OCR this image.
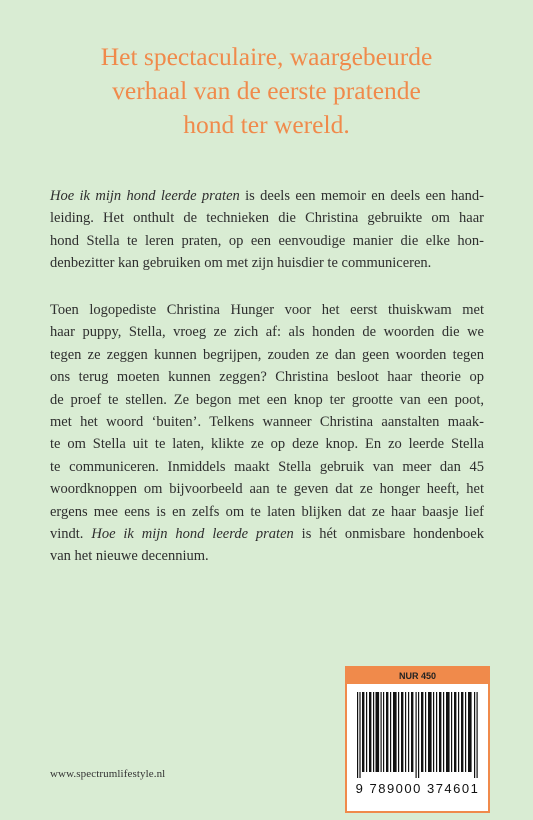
Het spectaculaire, waargebeurde
verhaal van de eerste pratende
hond ter wereld.
Hoe ik mijn hond leerde praten is deels een memoir en deels een hand-
leiding. Het onthult de technieken die Christina gebruikte om haar
hond Stella te leren praten, op een eenvoudige manier die elke hon-
denbezitter kan gebruiken om met zijn huisdier te communiceren.
Toen logopediste Christina Hunger voor het eerst thuiskwam met
haar puppy, Stella, vroeg ze zich af: als honden de woorden die we
tegen ze zeggen kunnen begrijpen, zouden ze dan geen woorden tegen
ons terug moeten kunnen zeggen? Christina besloot haar theorie op
de proef te stellen. Ze begon met een knop ter grootte van een poot,
met het woord ‘buiten’. Telkens wanneer Christina aanstalten maak-
te om Stella uit te laten, klikte ze op deze knop. En zo leerde Stella
te communiceren. Inmiddels maakt Stella gebruik van meer dan 45
woordknoppen om bijvoorbeeld aan te geven dat ze honger heeft, het
ergens mee eens is en zelfs om te laten blijken dat ze haar baasje lief
vindt. Hoe ik mijn hond leerde praten is hét onmisbare hondenboek
van het nieuwe decennium.
www.spectrumlifestyle.nl
NUR 450
9 789000 374601
